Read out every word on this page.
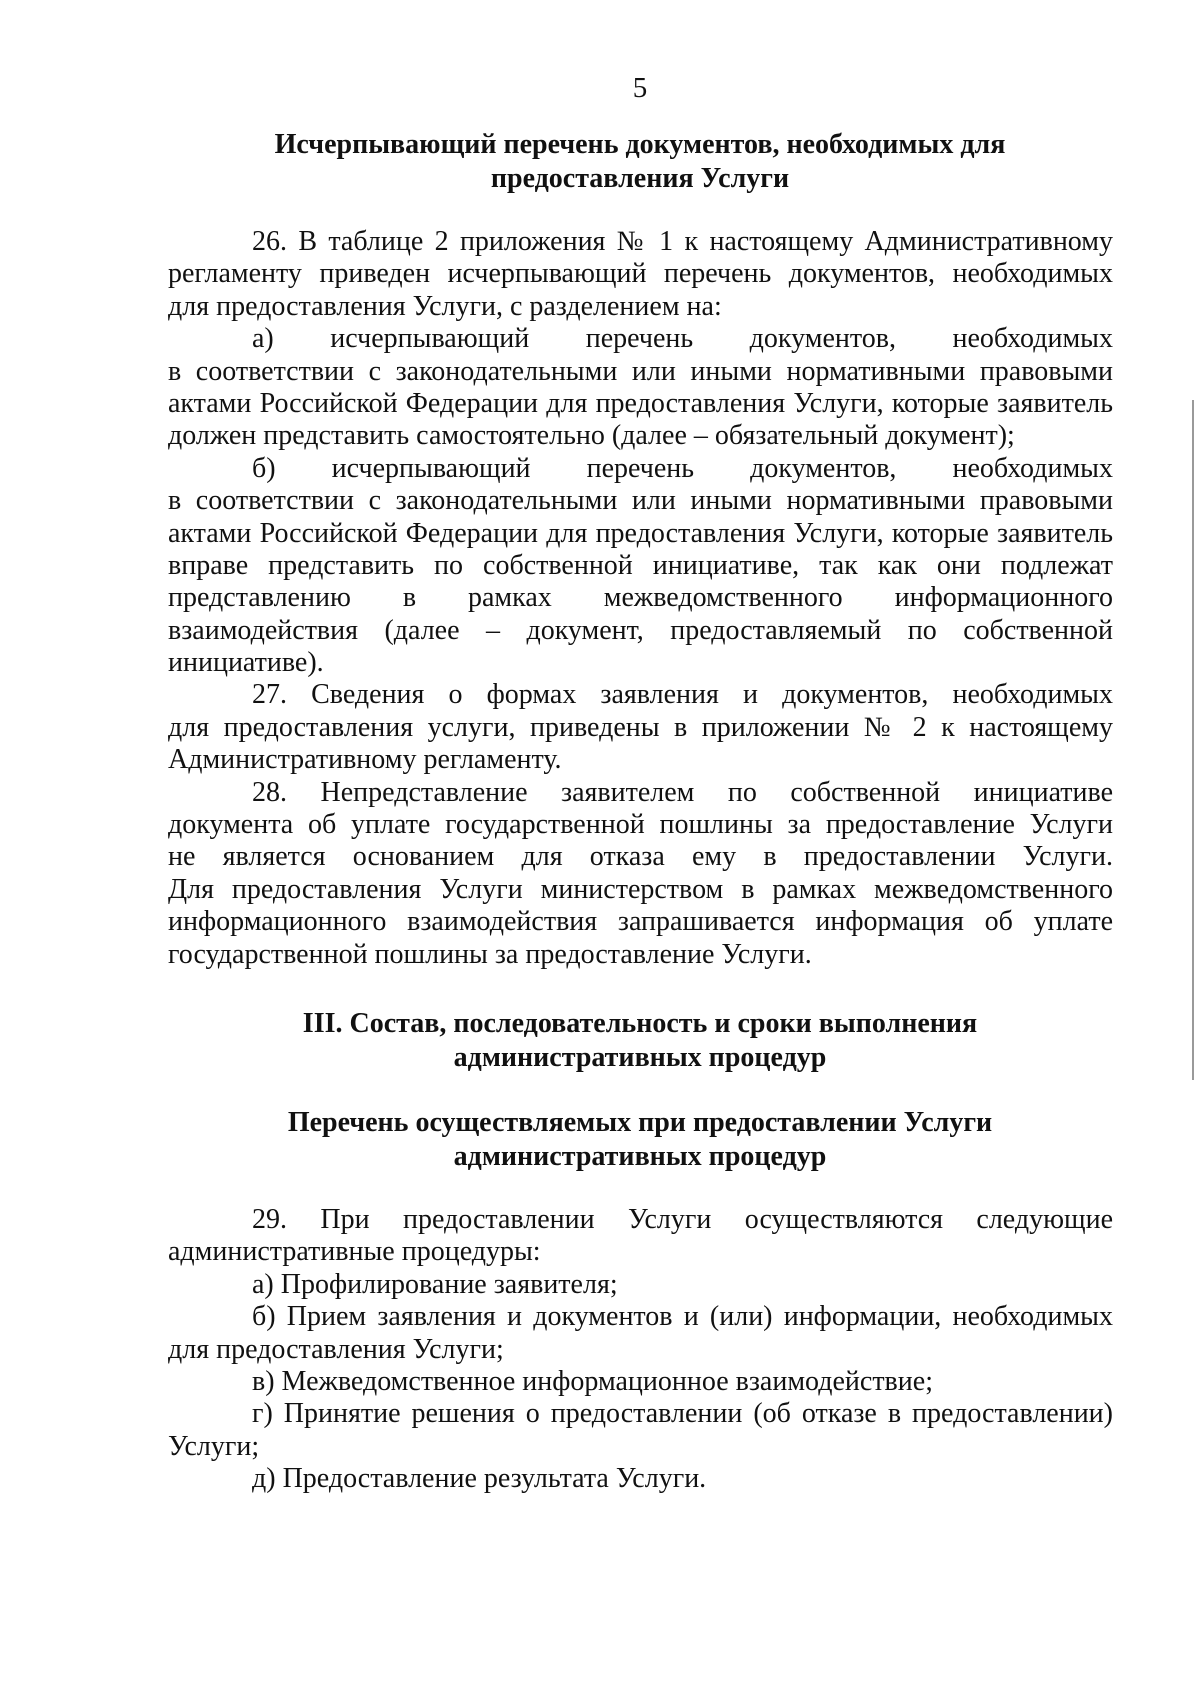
5
Исчерпывающий перечень документов, необходимых для
предоставления Услуги
26. В таблице 2 приложения № 1 к настоящему Административному
регламенту приведен исчерпывающий перечень документов, необходимых
для предоставления Услуги, с разделением на:
а) исчерпывающий перечень документов, необходимых
в соответствии с законодательными или иными нормативными правовыми
актами Российской Федерации для предоставления Услуги, которые заявитель
должен представить самостоятельно (далее – обязательный документ);
б) исчерпывающий перечень документов, необходимых
в соответствии с законодательными или иными нормативными правовыми
актами Российской Федерации для предоставления Услуги, которые заявитель
вправе представить по собственной инициативе, так как они подлежат
представлению в рамках межведомственного информационного
взаимодействия (далее – документ, предоставляемый по собственной
инициативе).
27. Сведения о формах заявления и документов, необходимых
для предоставления услуги, приведены в приложении № 2 к настоящему
Административному регламенту.
28. Непредставление заявителем по собственной инициативе
документа об уплате государственной пошлины за предоставление Услуги
не является основанием для отказа ему в предоставлении Услуги.
Для предоставления Услуги министерством в рамках межведомственного
информационного взаимодействия запрашивается информация об уплате
государственной пошлины за предоставление Услуги.
III. Состав, последовательность и сроки выполнения
административных процедур
Перечень осуществляемых при предоставлении Услуги
административных процедур
29. При предоставлении Услуги осуществляются следующие
административные процедуры:
а) Профилирование заявителя;
б) Прием заявления и документов и (или) информации, необходимых
для предоставления Услуги;
в) Межведомственное информационное взаимодействие;
г) Принятие решения о предоставлении (об отказе в предоставлении)
Услуги;
д) Предоставление результата Услуги.
